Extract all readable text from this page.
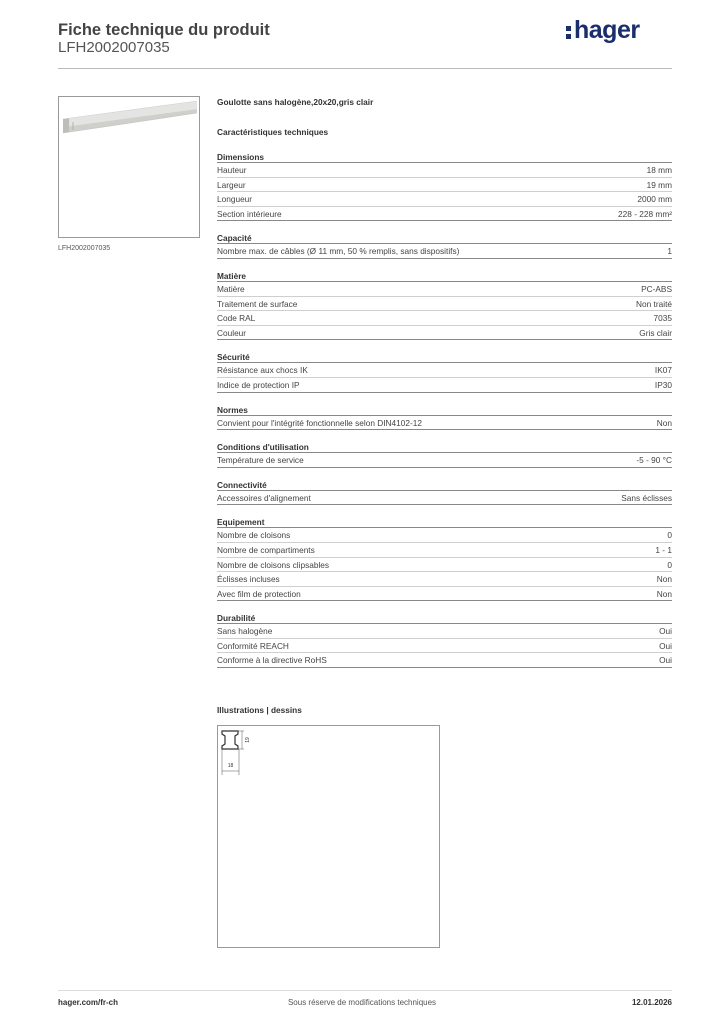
Fiche technique du produit
LFH2002007035
hager
LFH2002007035
Goulotte sans halogène,20x20,gris clair
Caractéristiques techniques
Dimensions
Hauteur	18 mm
Largeur	19 mm
Longueur	2000 mm
Section intérieure	228 - 228 mm²
Capacité
Nombre max. de câbles (Ø 11 mm, 50 % remplis, sans dispositifs)	1
Matière
Matière	PC-ABS
Traitement de surface	Non traité
Code RAL	7035
Couleur	Gris clair
Sécurité
Résistance aux chocs IK	IK07
Indice de protection IP	IP30
Normes
Convient pour l'intégrité fonctionnelle selon DIN4102-12	Non
Conditions d'utilisation
Température de service	-5 - 90 °C
Connectivité
Accessoires d'alignement	Sans éclisses
Equipement
Nombre de cloisons	0
Nombre de compartiments	1 - 1
Nombre de cloisons clipsables	0
Éclisses incluses	Non
Avec film de protection	Non
Durabilité
Sans halogène	Oui
Conformité REACH	Oui
Conforme à la directive RoHS	Oui
Illustrations | dessins
19
18
hager.com/fr-ch	Sous réserve de modifications techniques	12.01.2026
